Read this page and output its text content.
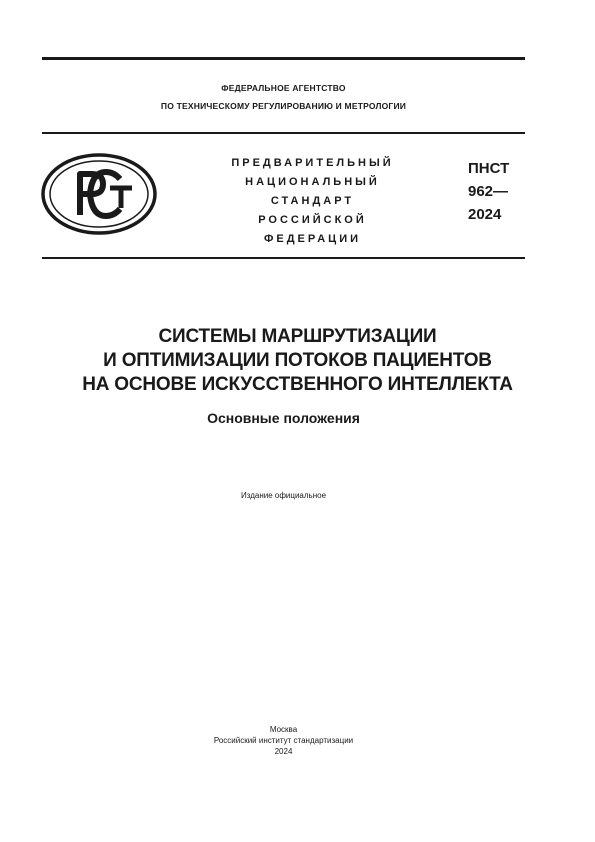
ФЕДЕРАЛЬНОЕ АГЕНТСТВО
ПО ТЕХНИЧЕСКОМУ РЕГУЛИРОВАНИЮ И МЕТРОЛОГИИ
ПРЕДВАРИТЕЛЬНЫЙ
НАЦИОНАЛЬНЫЙ
СТАНДАРТ
РОССИЙСКОЙ
ФЕДЕРАЦИИ
ПНСТ
962—
2024
СИСТЕМЫ МАРШРУТИЗАЦИИ
И ОПТИМИЗАЦИИ ПОТОКОВ ПАЦИЕНТОВ
НА ОСНОВЕ ИСКУССТВЕННОГО ИНТЕЛЛЕКТА
Основные положения
Издание официальное
Москва
Российский институт стандартизации
2024
